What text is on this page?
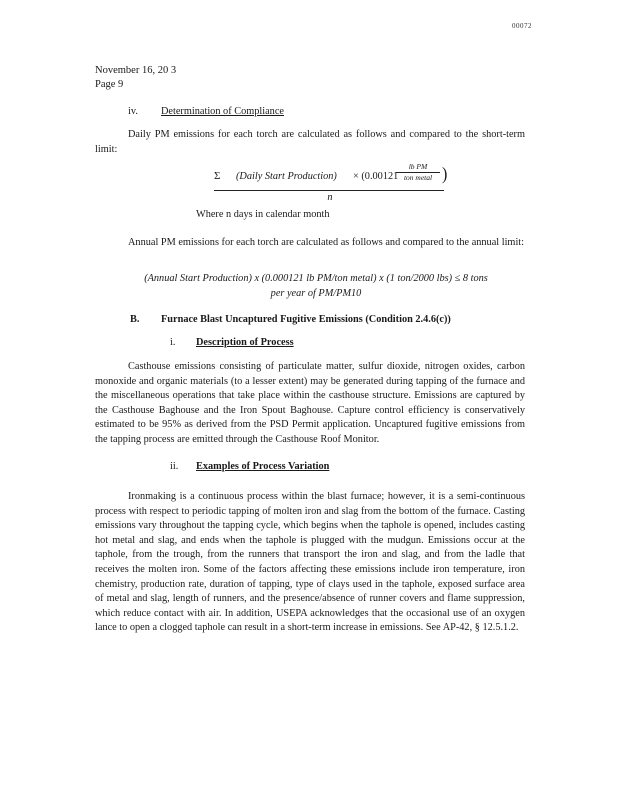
00072
November 16, 20 3
Page 9
iv. Determination of Compliance
Daily PM emissions for each torch are calculated as follows and compared to the short-term limit:
Σ (Daily Start Production) × (0.00121
lb PM
ton metal )
n
Where n days in calendar month
Annual PM emissions for each torch are calculated as follows and compared to the annual limit:
(Annual Start Production) x (0.000121 lb PM/ton metal) x (1 ton/2000 lbs) ≤ 8 tons
per year of PM/PM10
B. Furnace Blast Uncaptured Fugitive Emissions (Condition 2.4.6(c))
i. Description of Process
Casthouse emissions consisting of particulate matter, sulfur dioxide, nitrogen oxides, carbon monoxide and organic materials (to a lesser extent) may be generated during tapping of the furnace and the miscellaneous operations that take place within the casthouse structure. Emissions are captured by the Casthouse Baghouse and the Iron Spout Baghouse. Capture control efficiency is conservatively estimated to be 95% as derived from the PSD Permit application. Uncaptured fugitive emissions from the tapping process are emitted through the Casthouse Roof Monitor.
ii. Examples of Process Variation
Ironmaking is a continuous process within the blast furnace; however, it is a semi-continuous process with respect to periodic tapping of molten iron and slag from the bottom of the furnace. Casting emissions vary throughout the tapping cycle, which begins when the taphole is opened, includes casting hot metal and slag, and ends when the taphole is plugged with the mudgun. Emissions occur at the taphole, from the trough, from the runners that transport the iron and slag, and from the ladle that receives the molten iron. Some of the factors affecting these emissions include iron temperature, iron chemistry, production rate, duration of tapping, type of clays used in the taphole, exposed surface area of metal and slag, length of runners, and the presence/absence of runner covers and flame suppression, which reduce contact with air. In addition, USEPA acknowledges that the occasional use of an oxygen lance to open a clogged taphole can result in a short-term increase in emissions. See AP-42, § 12.5.1.2.
